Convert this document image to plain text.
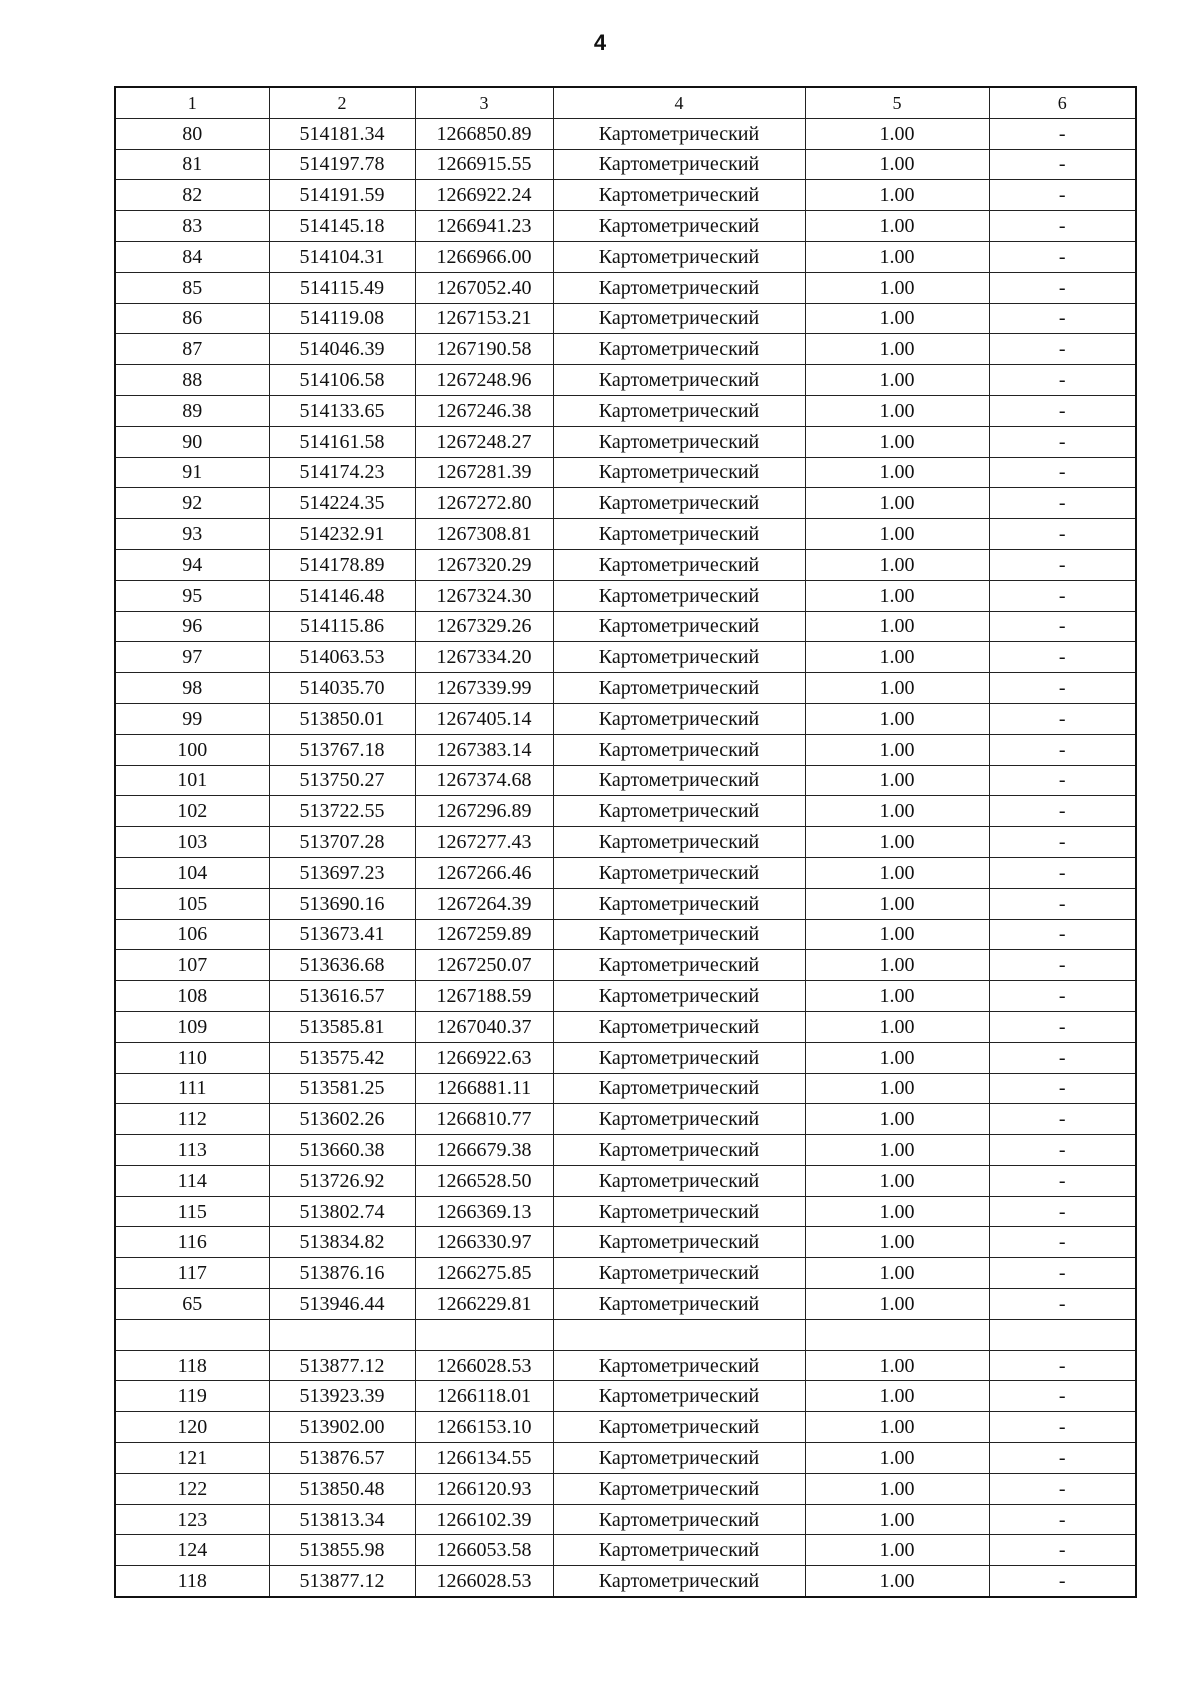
4
1	2	3	4	5	6
80	514181.34	1266850.89	Картометрический	1.00	-
81	514197.78	1266915.55	Картометрический	1.00	-
82	514191.59	1266922.24	Картометрический	1.00	-
83	514145.18	1266941.23	Картометрический	1.00	-
84	514104.31	1266966.00	Картометрический	1.00	-
85	514115.49	1267052.40	Картометрический	1.00	-
86	514119.08	1267153.21	Картометрический	1.00	-
87	514046.39	1267190.58	Картометрический	1.00	-
88	514106.58	1267248.96	Картометрический	1.00	-
89	514133.65	1267246.38	Картометрический	1.00	-
90	514161.58	1267248.27	Картометрический	1.00	-
91	514174.23	1267281.39	Картометрический	1.00	-
92	514224.35	1267272.80	Картометрический	1.00	-
93	514232.91	1267308.81	Картометрический	1.00	-
94	514178.89	1267320.29	Картометрический	1.00	-
95	514146.48	1267324.30	Картометрический	1.00	-
96	514115.86	1267329.26	Картометрический	1.00	-
97	514063.53	1267334.20	Картометрический	1.00	-
98	514035.70	1267339.99	Картометрический	1.00	-
99	513850.01	1267405.14	Картометрический	1.00	-
100	513767.18	1267383.14	Картометрический	1.00	-
101	513750.27	1267374.68	Картометрический	1.00	-
102	513722.55	1267296.89	Картометрический	1.00	-
103	513707.28	1267277.43	Картометрический	1.00	-
104	513697.23	1267266.46	Картометрический	1.00	-
105	513690.16	1267264.39	Картометрический	1.00	-
106	513673.41	1267259.89	Картометрический	1.00	-
107	513636.68	1267250.07	Картометрический	1.00	-
108	513616.57	1267188.59	Картометрический	1.00	-
109	513585.81	1267040.37	Картометрический	1.00	-
110	513575.42	1266922.63	Картометрический	1.00	-
111	513581.25	1266881.11	Картометрический	1.00	-
112	513602.26	1266810.77	Картометрический	1.00	-
113	513660.38	1266679.38	Картометрический	1.00	-
114	513726.92	1266528.50	Картометрический	1.00	-
115	513802.74	1266369.13	Картометрический	1.00	-
116	513834.82	1266330.97	Картометрический	1.00	-
117	513876.16	1266275.85	Картометрический	1.00	-
65	513946.44	1266229.81	Картометрический	1.00	-

118	513877.12	1266028.53	Картометрический	1.00	-
119	513923.39	1266118.01	Картометрический	1.00	-
120	513902.00	1266153.10	Картометрический	1.00	-
121	513876.57	1266134.55	Картометрический	1.00	-
122	513850.48	1266120.93	Картометрический	1.00	-
123	513813.34	1266102.39	Картометрический	1.00	-
124	513855.98	1266053.58	Картометрический	1.00	-
118	513877.12	1266028.53	Картометрический	1.00	-
